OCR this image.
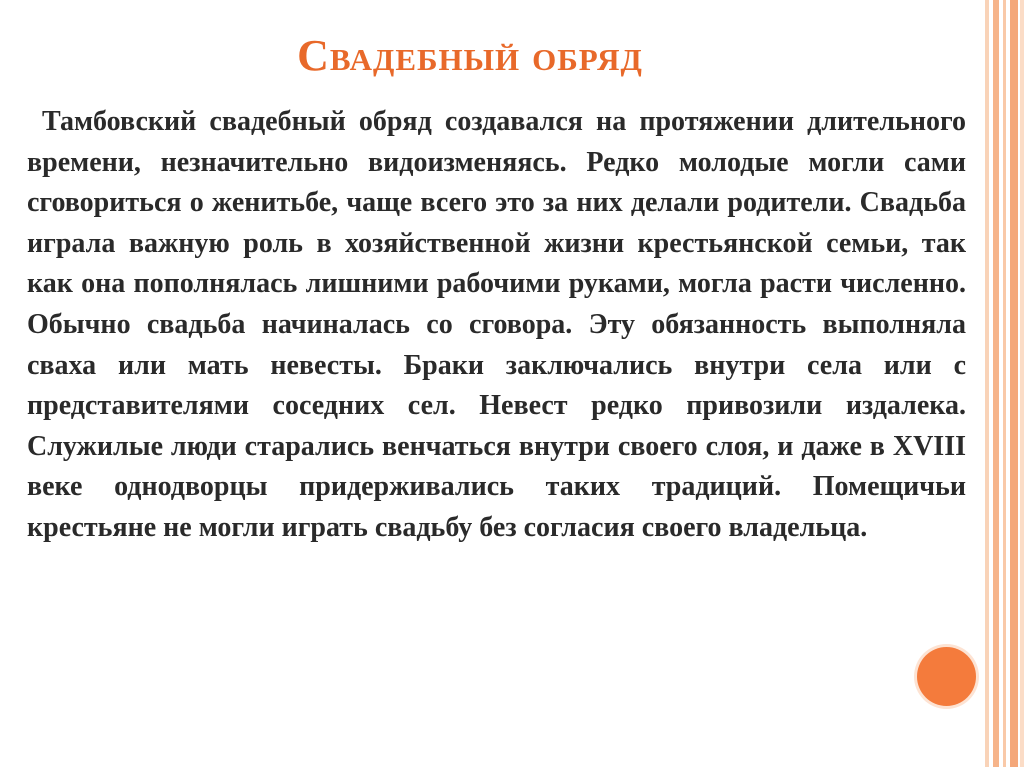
Свадебный обряд

Тамбовский свадебный обряд создавался на протяжении длительного времени, незначительно видоизменяясь. Редко молодые могли сами сговориться о женитьбе, чаще всего это за них делали родители. Свадьба играла важную роль в хозяйственной жизни крестьянской семьи, так как она пополнялась лишними рабочими руками, могла расти численно. Обычно свадьба начиналась со сговора. Эту обязанность выполняла сваха или мать невесты. Браки заключались внутри села или с представителями соседних сел. Невест редко привозили издалека. Служилые люди старались венчаться внутри своего слоя, и даже в XVIII веке однодворцы придерживались таких традиций. Помещичьи крестьяне не могли играть свадьбу без согласия своего владельца.
